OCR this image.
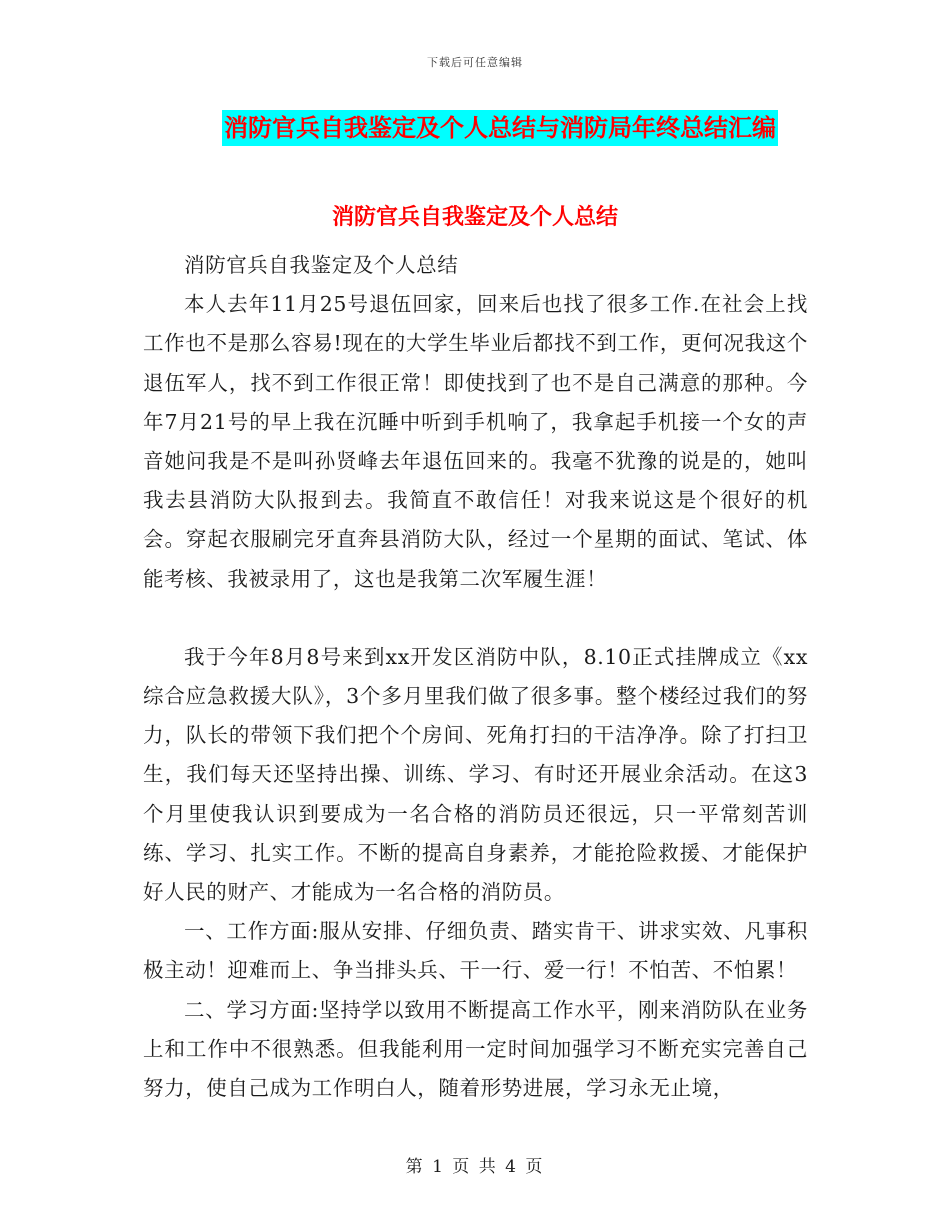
下载后可任意编辑
消防官兵自我鉴定及个人总结与消防局年终总结汇编
消防官兵自我鉴定及个人总结

消防官兵自我鉴定及个人总结

本人去年11月25号退伍回家，回来后也找了很多工作.在社会上找工作也不是那么容易!现在的大学生毕业后都找不到工作，更何况我这个退伍军人，找不到工作很正常！即使找到了也不是自己满意的那种。今年7月21号的早上我在沉睡中听到手机响了，我拿起手机接一个女的声音她问我是不是叫孙贤峰去年退伍回来的。我毫不犹豫的说是的，她叫我去县消防大队报到去。我简直不敢信任！对我来说这是个很好的机会。穿起衣服刷完牙直奔县消防大队，经过一个星期的面试、笔试、体能考核、我被录用了，这也是我第二次军履生涯！

我于今年8月8号来到xx开发区消防中队，8.10正式挂牌成立《xx综合应急救援大队》，3个多月里我们做了很多事。整个楼经过我们的努力，队长的带领下我们把个个房间、死角打扫的干洁净净。除了打扫卫生，我们每天还坚持出操、训练、学习、有时还开展业余活动。在这3个月里使我认识到要成为一名合格的消防员还很远，只一平常刻苦训练、学习、扎实工作。不断的提高自身素养，才能抢险救援、才能保护好人民的财产、才能成为一名合格的消防员。

一、工作方面:服从安排、仔细负责、踏实肯干、讲求实效、凡事积极主动！迎难而上、争当排头兵、干一行、爱一行！不怕苦、不怕累！

二、学习方面:坚持学以致用不断提高工作水平，刚来消防队在业务上和工作中不很熟悉。但我能利用一定时间加强学习不断充实完善自己努力，使自己成为工作明白人，随着形势进展，学习永无止境，

第 1 页 共 4 页
